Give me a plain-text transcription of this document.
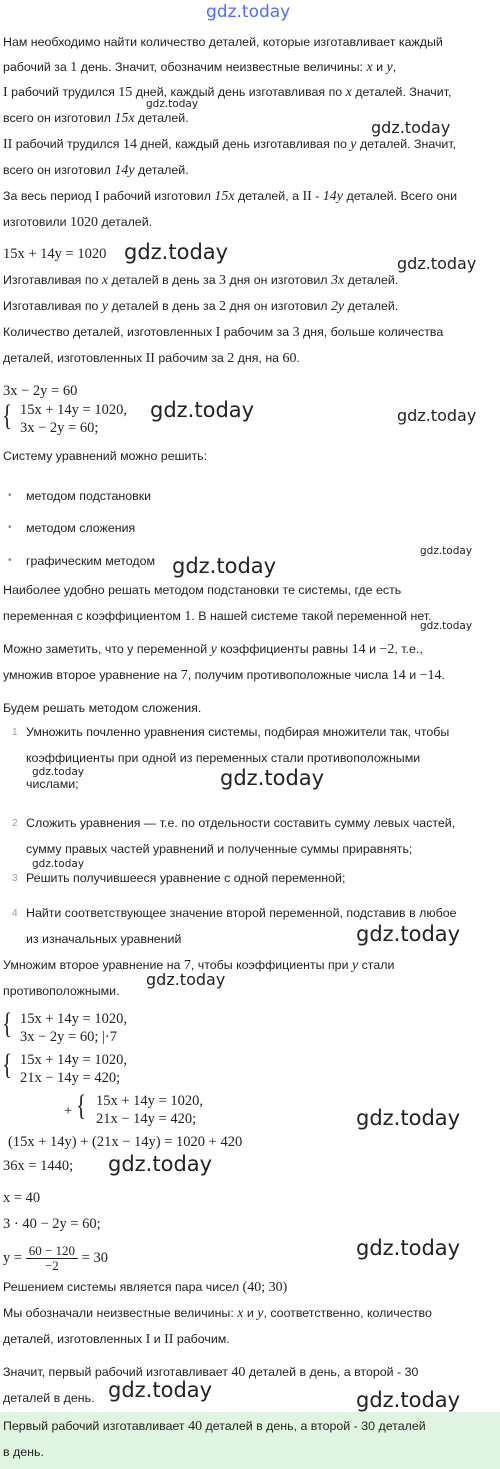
gdz.today
Нам необходимо найти количество деталей, которые изготавливает каждый
рабочий за 1 день. Значит, обозначим неизвестные величины: x и y,
I рабочий трудился 15 дней, каждый день изготавливая по x деталей. Значит,
gdz.today
всего он изготовил 15x деталей.	gdz.today
II рабочий трудился 14 дней, каждый день изготавливая по y деталей. Значит,
всего он изготовил 14y деталей.
За весь период I рабочий изготовил 15x деталей, а II - 14y деталей. Всего они
изготовили 1020 деталей.
15x + 14y = 1020 gdz.today	gdz.today
Изготавливая по x деталей в день за 3 дня он изготовил 3x деталей.
Изготавливая по y деталей в день за 2 дня он изготовил 2y деталей.
Количество деталей, изготовленных I рабочим за 3 дня, больше количества
деталей, изготовленных II рабочим за 2 дня, на 60.
3x − 2y = 60
{ 15x + 14y = 1020,
3x − 2y = 60;
gdz.today	gdz.today
Систему уравнений можно решить:
• методом подстановки
• методом сложения
• графическим методом gdz.today
gdz.today
Наиболее удобно решать методом подстановки те системы, где есть
переменная с коэффициентом 1. В нашей системе такой переменной нет.
gdz.today
Можно заметить, что у переменной y коэффициенты равны 14 и −2, т.е.,
умножив второе уравнение на 7, получим противоположные числа 14 и −14.
Будем решать методом сложения.
1 Умножить почленно уравнения системы, подбирая множители так, чтобы
коэффициенты при одной из переменных стали противоположными
gdz.today
числами;	gdz.today
2 Сложить уравнения — т.е. по отдельности составить сумму левых частей,
сумму правых частей уравнений и полученные суммы приравнять;
gdz.today
3 Решить получившееся уравнение с одной переменной;
4 Найти соответствующее значение второй переменной, подставив в любое
из изначальных уравнений	gdz.today
Умножим второе уравнение на 7, чтобы коэффициенты при y стали
gdz.today
противоположными.
{ 15x + 14y = 1020,
3x − 2y = 60; |·7
{ 15x + 14y = 1020,
21x − 14y = 420;
+ { 15x + 14y = 1020,
21x − 14y = 420;	gdz.today
(15x + 14y) + (21x − 14y) = 1020 + 420
36x = 1440; gdz.today
x = 40
3 · 40 − 2y = 60;
$y = \frac{60 - 120}{-2} = 30$	gdz.today
Решением системы является пара чисел (40; 30)
Мы обозначали неизвестные величины: x и y, соответственно, количество
деталей, изготовленных I и II рабочим.
Значит, первый рабочий изготавливает 40 деталей в день, а второй - 30
деталей в день. gdz.today	gdz.today
Первый рабочий изготавливает 40 деталей в день, а второй - 30 деталей
в день.
